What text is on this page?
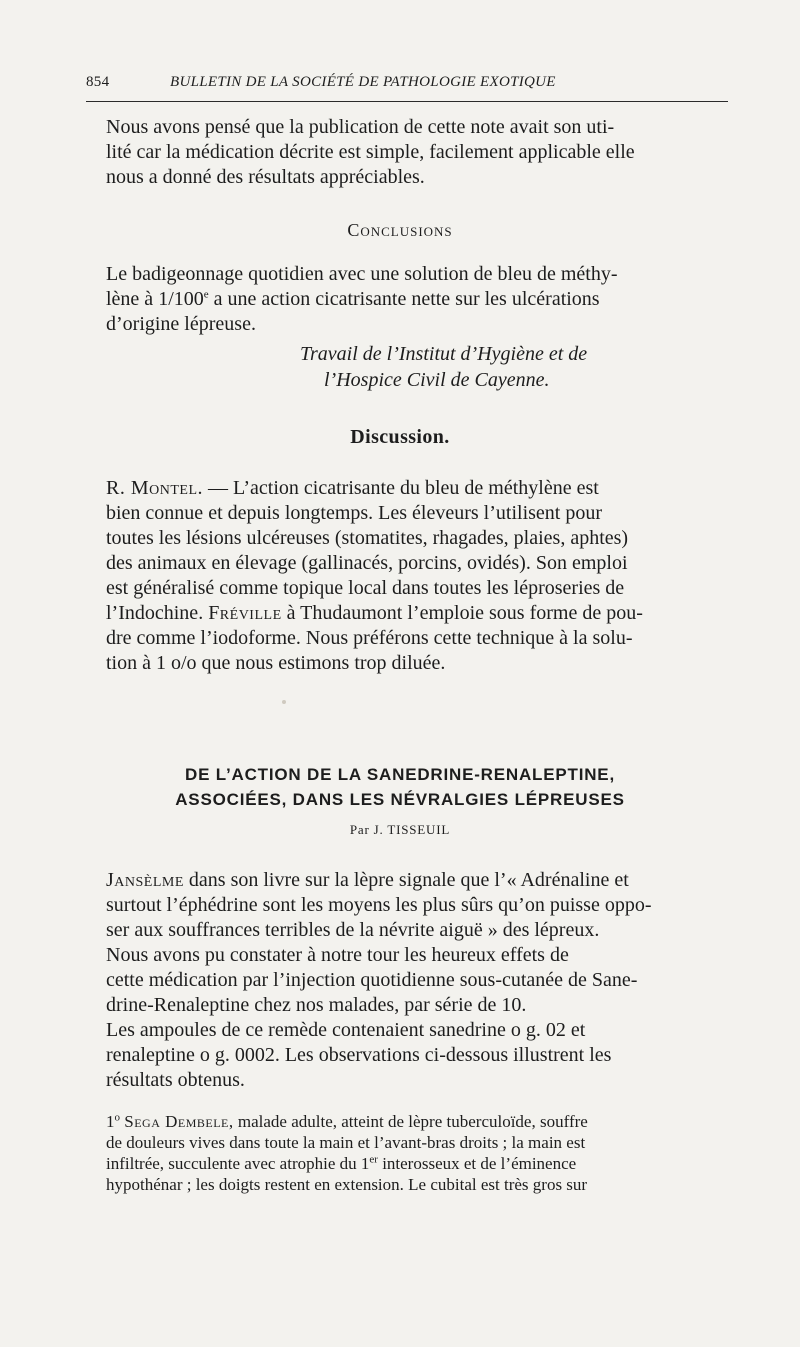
854	BULLETIN DE LA SOCIÉTÉ DE PATHOLOGIE EXOTIQUE
Nous avons pensé que la publication de cette note avait son uti-
lité car la médication décrite est simple, facilement applicable elle
nous a donné des résultats appréciables.
Conclusions
Le badigeonnage quotidien avec une solution de bleu de méthy-
lène à 1/100e a une action cicatrisante nette sur les ulcérations
d’origine lépreuse.
Travail de l’Institut d’Hygiène et de
l’Hospice Civil de Cayenne.
Discussion.
R. Montel. — L’action cicatrisante du bleu de méthylène est
bien connue et depuis longtemps. Les éleveurs l’utilisent pour
toutes les lésions ulcéreuses (stomatites, rhagades, plaies, aphtes)
des animaux en élevage (gallinacés, porcins, ovidés). Son emploi
est généralisé comme topique local dans toutes les léproseries de
l’Indochine. Fréville à Thudaumont l’emploie sous forme de pou-
dre comme l’iodoforme. Nous préférons cette technique à la solu-
tion à 1 o/o que nous estimons trop diluée.
DE L’ACTION DE LA SANEDRINE-RENALEPTINE,
ASSOCIÉES, DANS LES NÉVRALGIES LÉPREUSES
Par J. TISSEUIL
Jansèlme dans son livre sur la lèpre signale que l’« Adrénaline et
surtout l’éphédrine sont les moyens les plus sûrs qu’on puisse oppo-
ser aux souffrances terribles de la névrite aiguë » des lépreux.
Nous avons pu constater à notre tour les heureux effets de
cette médication par l’injection quotidienne sous-cutanée de Sane-
drine-Renaleptine chez nos malades, par série de 10.
Les ampoules de ce remède contenaient sanedrine o g. 02 et
renaleptine o g. 0002. Les observations ci-dessous illustrent les
résultats obtenus.
1$^o$ Sega Dembele, malade adulte, atteint de lèpre tuberculoïde, souffre
de douleurs vives dans toute la main et l’avant-bras droits ; la main est
infiltrée, succulente avec atrophie du 1er interosseux et de l’éminence
hypothénar ; les doigts restent en extension. Le cubital est très gros sur
